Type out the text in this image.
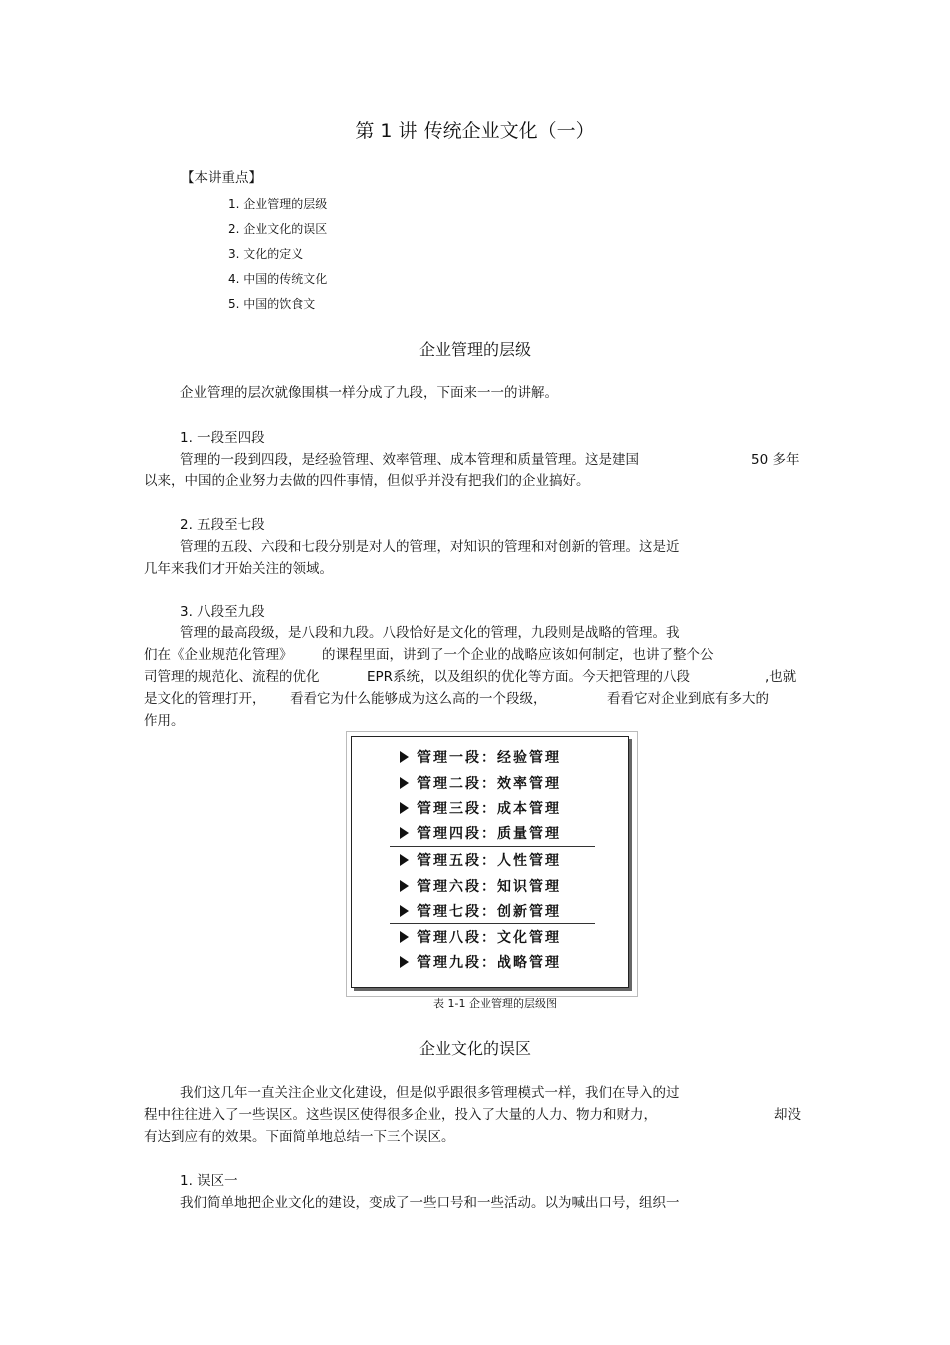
第 1 讲 传统企业文化（一）
【本讲重点】
1. 企业管理的层级
2. 企业文化的误区
3. 文化的定义
4. 中国的传统文化
5. 中国的饮食文
企业管理的层级
企业管理的层次就像围棋一样分成了九段，下面来一一的讲解。
1. 一段至四段
管理的一段到四段，是经验管理、效率管理、成本管理和质量管理。这是建国	50 多年
以来，中国的企业努力去做的四件事情，但似乎并没有把我们的企业搞好。
2. 五段至七段
管理的五段、六段和七段分别是对人的管理，对知识的管理和对创新的管理。这是近
几年来我们才开始关注的领域。
3. 八段至九段
管理的最高段级，是八段和九段。八段恰好是文化的管理，九段则是战略的管理。我
们在《企业规范化管理》 的课程里面，讲到了一个企业的战略应该如何制定，也讲了整个公
司管理的规范化、流程的优化	EPR系统，以及组织的优化等方面。今天把管理的八段	,也就
是文化的管理打开， 看看它为什么能够成为这么高的一个段级，	看看它对企业到底有多大的
作用。
管理一段：经验管理
管理二段：效率管理
管理三段：成本管理
管理四段：质量管理
管理五段：人性管理
管理六段：知识管理
管理七段：创新管理
管理八段：文化管理
管理九段：战略管理
表 1-1 企业管理的层级图
企业文化的误区
我们这几年一直关注企业文化建设，但是似乎跟很多管理模式一样，我们在导入的过
程中往往进入了一些误区。这些误区使得很多企业，投入了大量的人力、物力和财力，	却没
有达到应有的效果。下面简单地总结一下三个误区。
1. 误区一
我们简单地把企业文化的建设，变成了一些口号和一些活动。以为喊出口号，组织一
